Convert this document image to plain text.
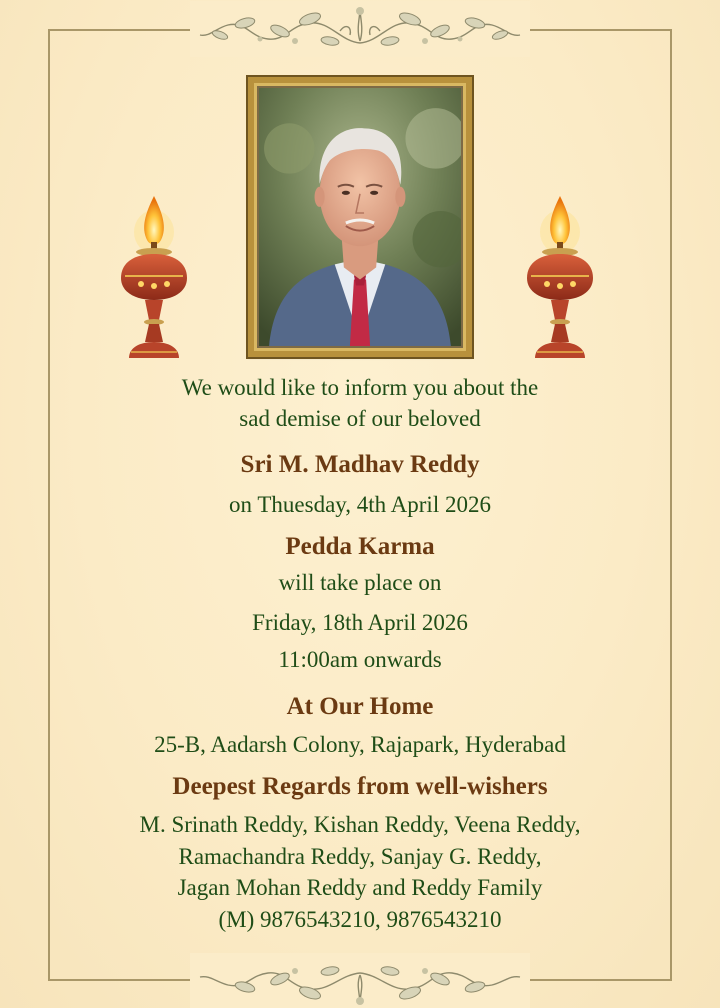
We would like to inform you about the
sad demise of our beloved
Sri M. Madhav Reddy
on Thuesday, 4th April 2026
Pedda Karma
will take place on
Friday, 18th April 2026
11:00am onwards
At Our Home
25-B, Aadarsh Colony, Rajapark, Hyderabad
Deepest Regards from well-wishers
M. Srinath Reddy, Kishan Reddy, Veena Reddy,
Ramachandra Reddy, Sanjay G. Reddy,
Jagan Mohan Reddy and Reddy Family
(M) 9876543210, 9876543210
